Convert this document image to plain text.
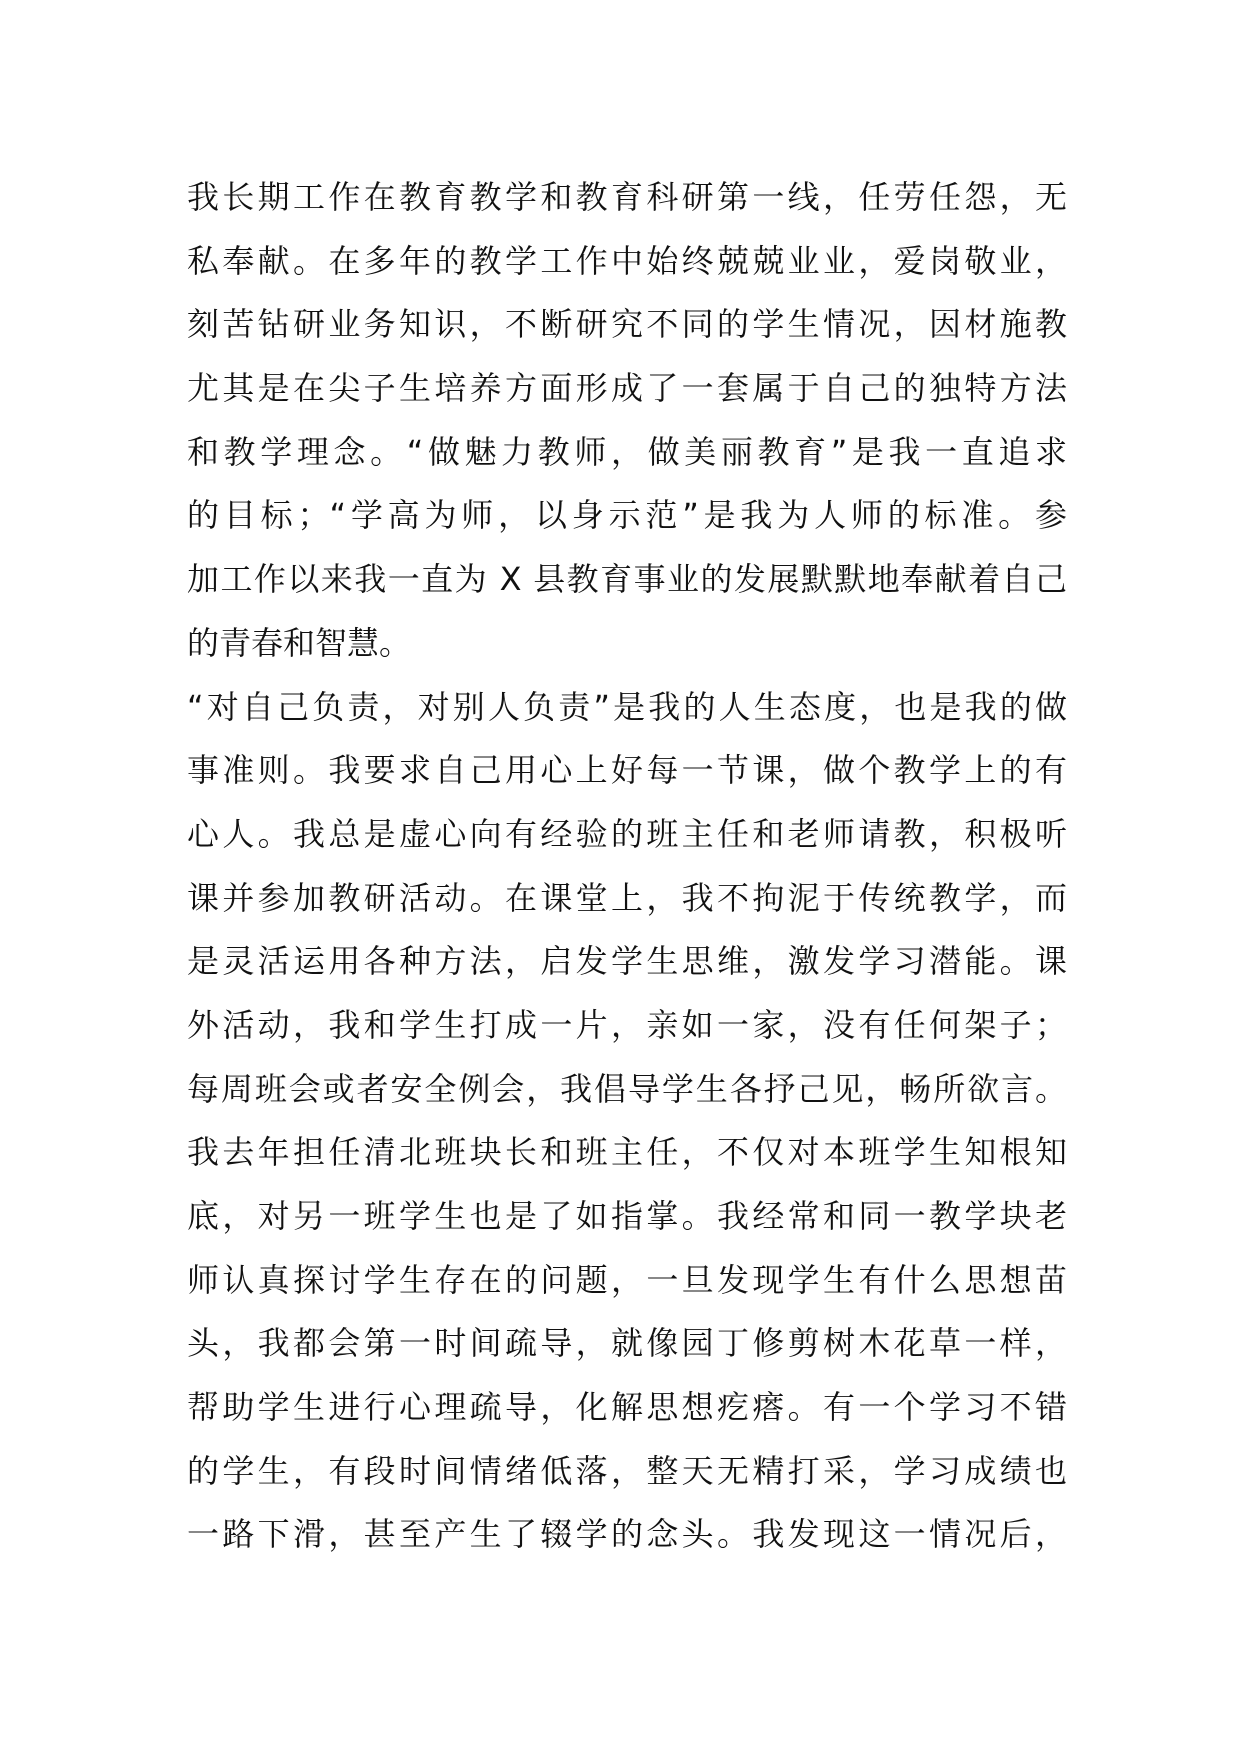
我长期工作在教育教学和教育科研第一线，任劳任怨，无
私奉献。在多年的教学工作中始终兢兢业业，爱岗敬业，
刻苦钻研业务知识，不断研究不同的学生情况，因材施教
尤其是在尖子生培养方面形成了一套属于自己的独特方法
和教学理念。“做魅力教师，做美丽教育”是我一直追求
的目标；“学高为师，以身示范”是我为人师的标准。参
加工作以来我一直为 X 县教育事业的发展默默地奉献着自己
的青春和智慧。
“对自己负责，对别人负责”是我的人生态度，也是我的做
事准则。我要求自己用心上好每一节课，做个教学上的有
心人。我总是虚心向有经验的班主任和老师请教，积极听
课并参加教研活动。在课堂上，我不拘泥于传统教学，而
是灵活运用各种方法，启发学生思维，激发学习潜能。课
外活动，我和学生打成一片，亲如一家，没有任何架子；
每周班会或者安全例会，我倡导学生各抒己见，畅所欲言。
我去年担任清北班块长和班主任，不仅对本班学生知根知
底，对另一班学生也是了如指掌。我经常和同一教学块老
师认真探讨学生存在的问题，一旦发现学生有什么思想苗
头，我都会第一时间疏导，就像园丁修剪树木花草一样，
帮助学生进行心理疏导，化解思想疙瘩。有一个学习不错
的学生，有段时间情绪低落，整天无精打采，学习成绩也
一路下滑，甚至产生了辍学的念头。我发现这一情况后，
